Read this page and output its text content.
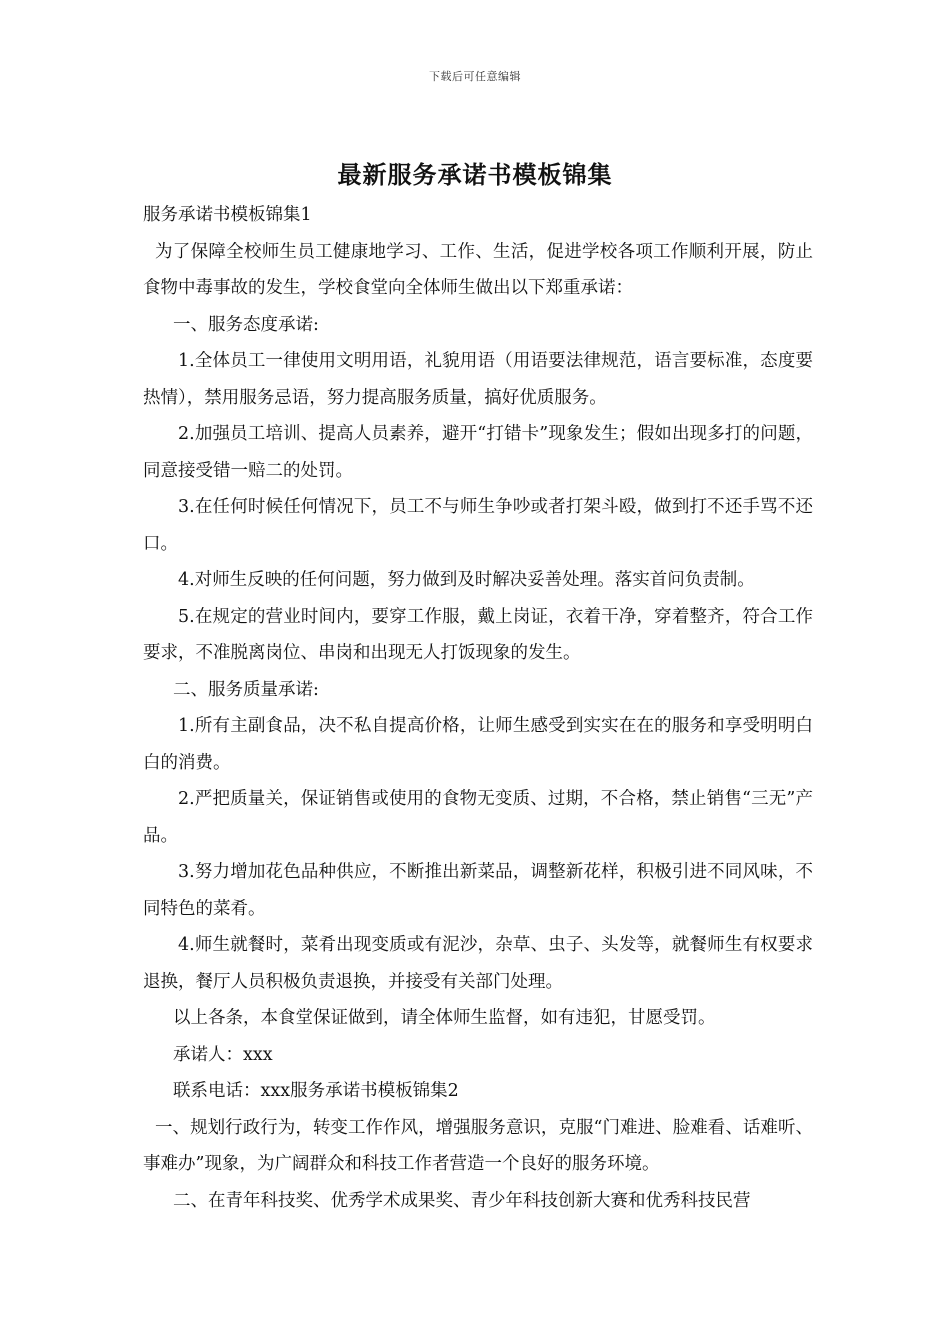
下载后可任意编辑
最新服务承诺书模板锦集

服务承诺书模板锦集1

为了保障全校师生员工健康地学习、工作、生活，促进学校各项工作顺利开展，防止食物中毒事故的发生，学校食堂向全体师生做出以下郑重承诺：

一、服务态度承诺:

1.全体员工一律使用文明用语，礼貌用语（用语要法律规范，语言要标准，态度要热情），禁用服务忌语，努力提高服务质量，搞好优质服务。

2.加强员工培训、提高人员素养，避开“打错卡”现象发生；假如出现多打的问题，同意接受错一赔二的处罚。

3.在任何时候任何情况下，员工不与师生争吵或者打架斗殴，做到打不还手骂不还口。

4.对师生反映的任何问题，努力做到及时解决妥善处理。落实首问负责制。

5.在规定的营业时间内，要穿工作服，戴上岗证，衣着干净，穿着整齐，符合工作要求，不准脱离岗位、串岗和出现无人打饭现象的发生。

二、服务质量承诺:

1.所有主副食品，决不私自提高价格，让师生感受到实实在在的服务和享受明明白白的消费。

2.严把质量关，保证销售或使用的食物无变质、过期，不合格，禁止销售“三无”产品。

3.努力增加花色品种供应，不断推出新菜品，调整新花样，积极引进不同风味，不同特色的菜肴。

4.师生就餐时，菜肴出现变质或有泥沙，杂草、虫子、头发等，就餐师生有权要求退换，餐厅人员积极负责退换，并接受有关部门处理。

以上各条，本食堂保证做到，请全体师生监督，如有违犯，甘愿受罚。

承诺人：xxx

联系电话：xxx服务承诺书模板锦集2

一、规划行政行为，转变工作作风，增强服务意识，克服“门难进、脸难看、话难听、事难办”现象，为广阔群众和科技工作者营造一个良好的服务环境。

二、在青年科技奖、优秀学术成果奖、青少年科技创新大赛和优秀科技民营
